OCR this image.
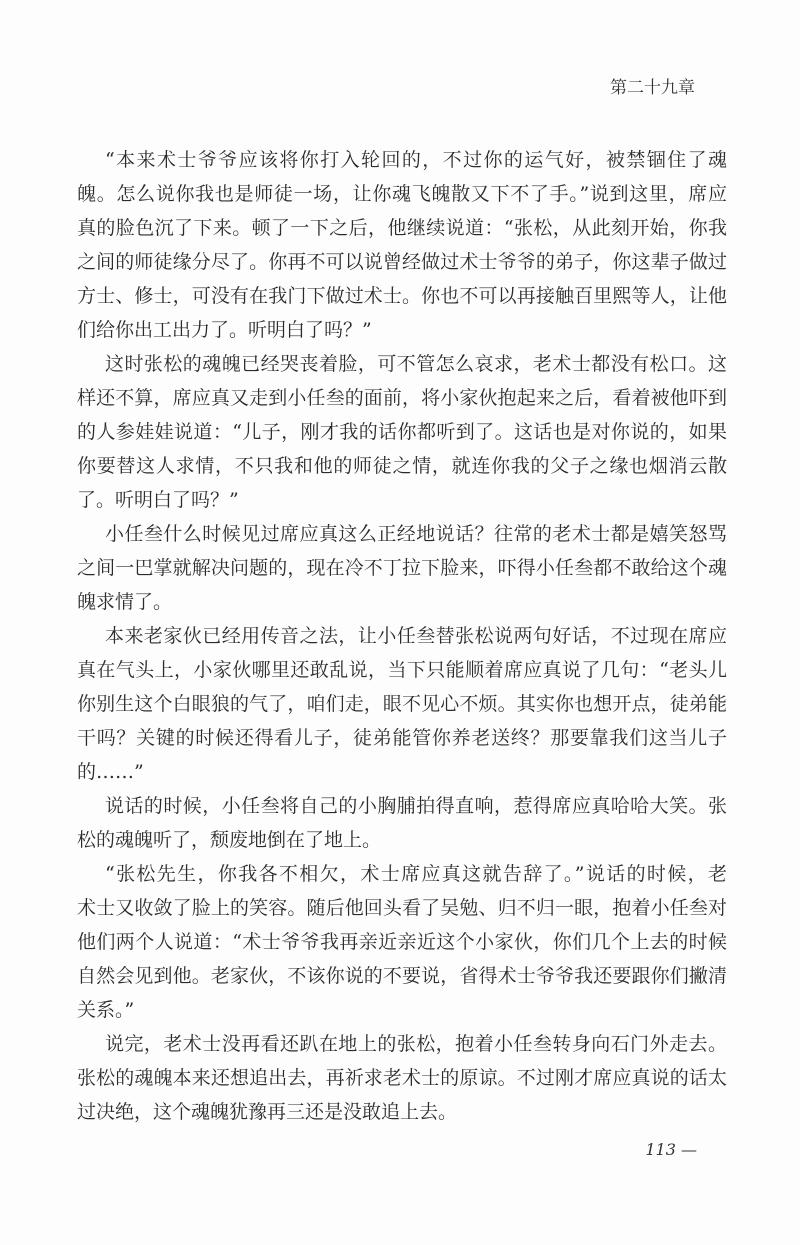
第二十九章

“本来术士爷爷应该将你打入轮回的，不过你的运气好，被禁锢住了魂
魄。怎么说你我也是师徒一场，让你魂飞魄散又下不了手。”说到这里，席应
真的脸色沉了下来。顿了一下之后，他继续说道：“张松，从此刻开始，你我
之间的师徒缘分尽了。你再不可以说曾经做过术士爷爷的弟子，你这辈子做过
方士、修士，可没有在我门下做过术士。你也不可以再接触百里熙等人，让他
们给你出工出力了。听明白了吗？”

这时张松的魂魄已经哭丧着脸，可不管怎么哀求，老术士都没有松口。这
样还不算，席应真又走到小任叁的面前，将小家伙抱起来之后，看着被他吓到
的人参娃娃说道：“儿子，刚才我的话你都听到了。这话也是对你说的，如果
你要替这人求情，不只我和他的师徒之情，就连你我的父子之缘也烟消云散
了。听明白了吗？”

小任叁什么时候见过席应真这么正经地说话？往常的老术士都是嬉笑怒骂
之间一巴掌就解决问题的，现在冷不丁拉下脸来，吓得小任叁都不敢给这个魂
魄求情了。

本来老家伙已经用传音之法，让小任叁替张松说两句好话，不过现在席应
真在气头上，小家伙哪里还敢乱说，当下只能顺着席应真说了几句：“老头儿
你别生这个白眼狼的气了，咱们走，眼不见心不烦。其实你也想开点，徒弟能
干吗？关键的时候还得看儿子，徒弟能管你养老送终？那要靠我们这当儿子
的……”

说话的时候，小任叁将自己的小胸脯拍得直响，惹得席应真哈哈大笑。张
松的魂魄听了，颓废地倒在了地上。

“张松先生，你我各不相欠，术士席应真这就告辞了。”说话的时候，老
术士又收敛了脸上的笑容。随后他回头看了吴勉、归不归一眼，抱着小任叁对
他们两个人说道：“术士爷爷我再亲近亲近这个小家伙，你们几个上去的时候
自然会见到他。老家伙，不该你说的不要说，省得术士爷爷我还要跟你们撇清
关系。”

说完，老术士没再看还趴在地上的张松，抱着小任叁转身向石门外走去。
张松的魂魄本来还想追出去，再祈求老术士的原谅。不过刚才席应真说的话太
过决绝，这个魂魄犹豫再三还是没敢追上去。

113 —
